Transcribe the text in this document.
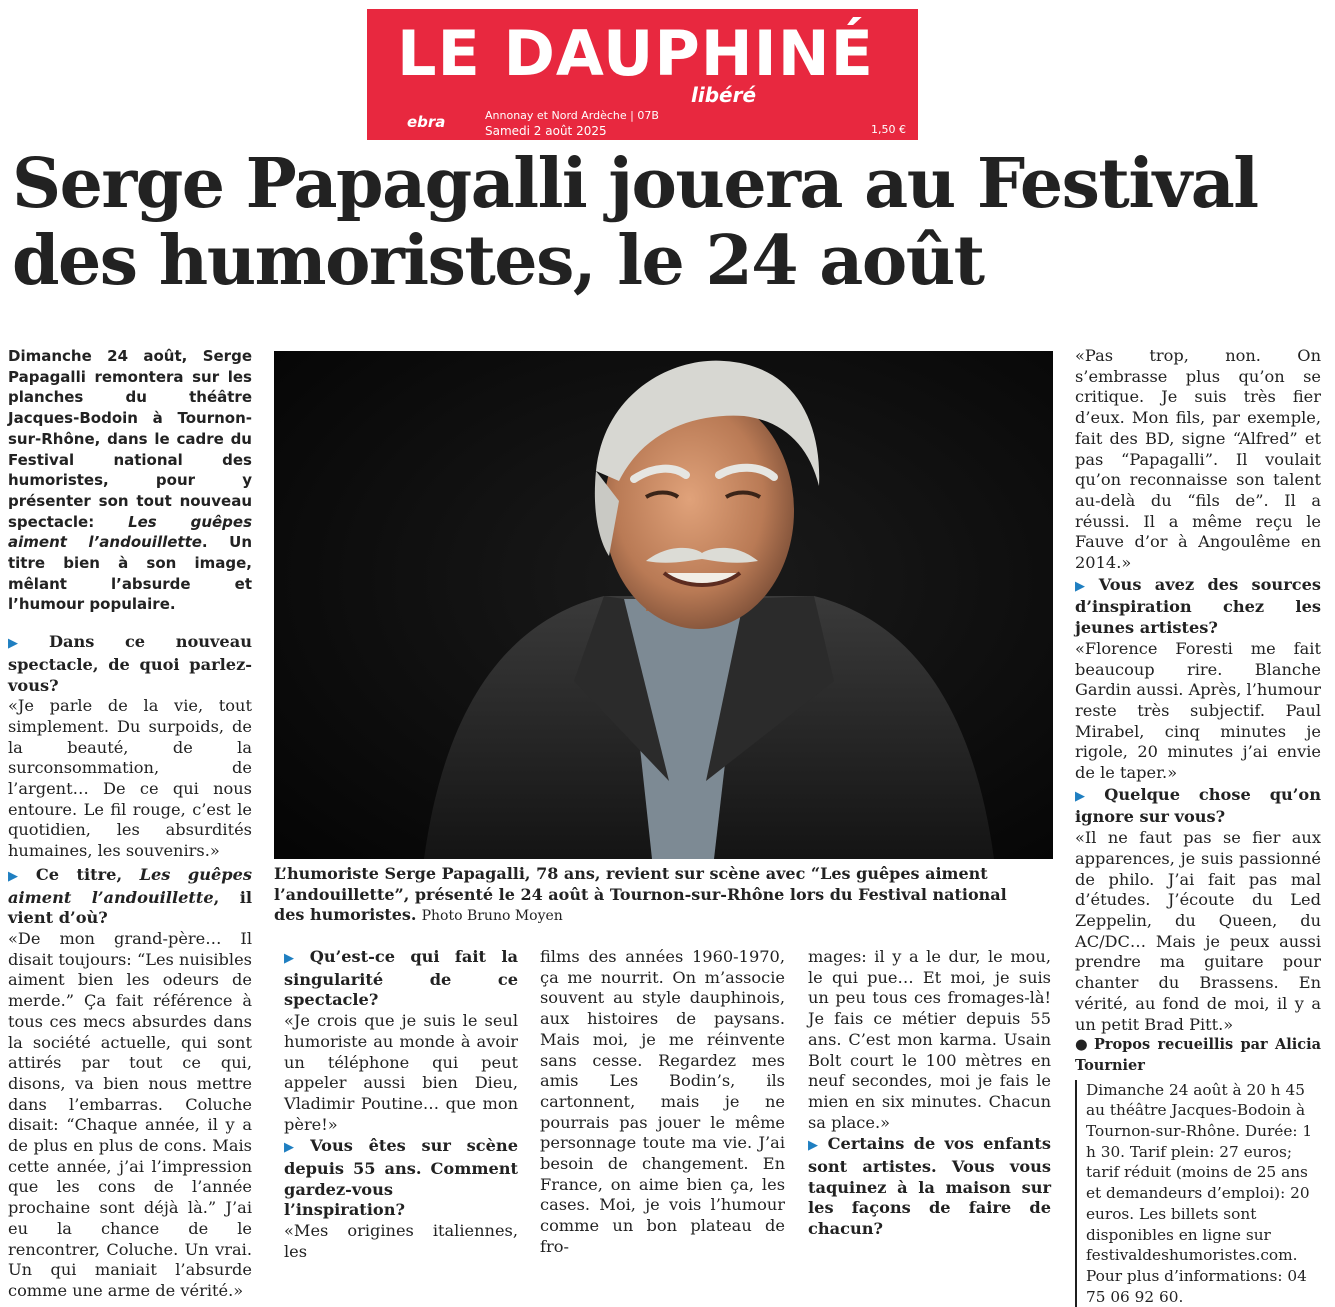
LE DAUPHINÉ
libéré
ebra	Annonay et Nord Ardèche | 07B
Samedi 2 août 2025	1,50 €
Serge Papagalli jouera au Festival des humoristes, le 24 août

Dimanche 24 août, Serge Papagalli remontera sur les planches du théâtre Jacques-Bodoin à Tournon-sur-Rhône, dans le cadre du Festival national des humoristes, pour y présenter son tout nouveau spectacle: Les guêpes aiment l’andouillette. Un titre bien à son image, mêlant l’absurde et l’humour populaire.

▶ Dans ce nouveau spectacle, de quoi parlez-vous?

«Je parle de la vie, tout simplement. Du surpoids, de la beauté, de la surconsommation, de l’argent… De ce qui nous entoure. Le fil rouge, c’est le quotidien, les absurdités humaines, les souvenirs.»

▶ Ce titre, Les guêpes aiment l’andouillette, il vient d’où?

«De mon grand-père… Il disait toujours: “Les nuisibles aiment bien les odeurs de merde.” Ça fait référence à tous ces mecs absurdes dans la société actuelle, qui sont attirés par tout ce qui, disons, va bien nous mettre dans l’embarras. Coluche disait: “Chaque année, il y a de plus en plus de cons. Mais cette année, j’ai l’impression que les cons de l’année prochaine sont déjà là.” J’ai eu la chance de le rencontrer, Coluche. Un vrai. Un qui maniait l’absurde comme une arme de vérité.»

L’humoriste Serge Papagalli, 78 ans, revient sur scène avec “Les guêpes aiment l’andouillette”, présenté le 24 août à Tournon-sur-Rhône lors du Festival national des humoristes. Photo Bruno Moyen

▶ Qu’est-ce qui fait la singularité de ce spectacle?

«Je crois que je suis le seul humoriste au monde à avoir un téléphone qui peut appeler aussi bien Dieu, Vladimir Poutine… que mon père!»

▶ Vous êtes sur scène depuis 55 ans. Comment gardez-vous l’inspiration?

«Mes origines italiennes, les

films des années 1960-1970, ça me nourrit. On m’associe souvent au style dauphinois, aux histoires de paysans. Mais moi, je me réinvente sans cesse. Regardez mes amis Les Bodin’s, ils cartonnent, mais je ne pourrais pas jouer le même personnage toute ma vie. J’ai besoin de changement. En France, on aime bien ça, les cases. Moi, je vois l’humour comme un bon plateau de fro-

mages: il y a le dur, le mou, le qui pue… Et moi, je suis un peu tous ces fromages-là! Je fais ce métier depuis 55 ans. C’est mon karma. Usain Bolt court le 100 mètres en neuf secondes, moi je fais le mien en six minutes. Chacun sa place.»

▶ Certains de vos enfants sont artistes. Vous vous taquinez à la maison sur les façons de faire de chacun?

«Pas trop, non. On s’embrasse plus qu’on se critique. Je suis très fier d’eux. Mon fils, par exemple, fait des BD, signe “Alfred” et pas “Papagalli”. Il voulait qu’on reconnaisse son talent au-delà du “fils de”. Il a réussi. Il a même reçu le Fauve d’or à Angoulême en 2014.»

▶ Vous avez des sources d’inspiration chez les jeunes artistes?

«Florence Foresti me fait beaucoup rire. Blanche Gardin aussi. Après, l’humour reste très subjectif. Paul Mirabel, cinq minutes je rigole, 20 minutes j’ai envie de le taper.»

▶ Quelque chose qu’on ignore sur vous?

«Il ne faut pas se fier aux apparences, je suis passionné de philo. J’ai fait pas mal d’études. J’écoute du Led Zeppelin, du Queen, du AC/DC… Mais je peux aussi prendre ma guitare pour chanter du Brassens. En vérité, au fond de moi, il y a un petit Brad Pitt.»

● Propos recueillis par Alicia Tournier

Dimanche 24 août à 20 h 45 au théâtre Jacques-Bodoin à Tournon-sur-Rhône. Durée: 1 h 30. Tarif plein: 27 euros; tarif réduit (moins de 25 ans et demandeurs d’emploi): 20 euros. Les billets sont disponibles en ligne sur festivaldeshumoristes.com. Pour plus d’informations: 04 75 06 92 60.
